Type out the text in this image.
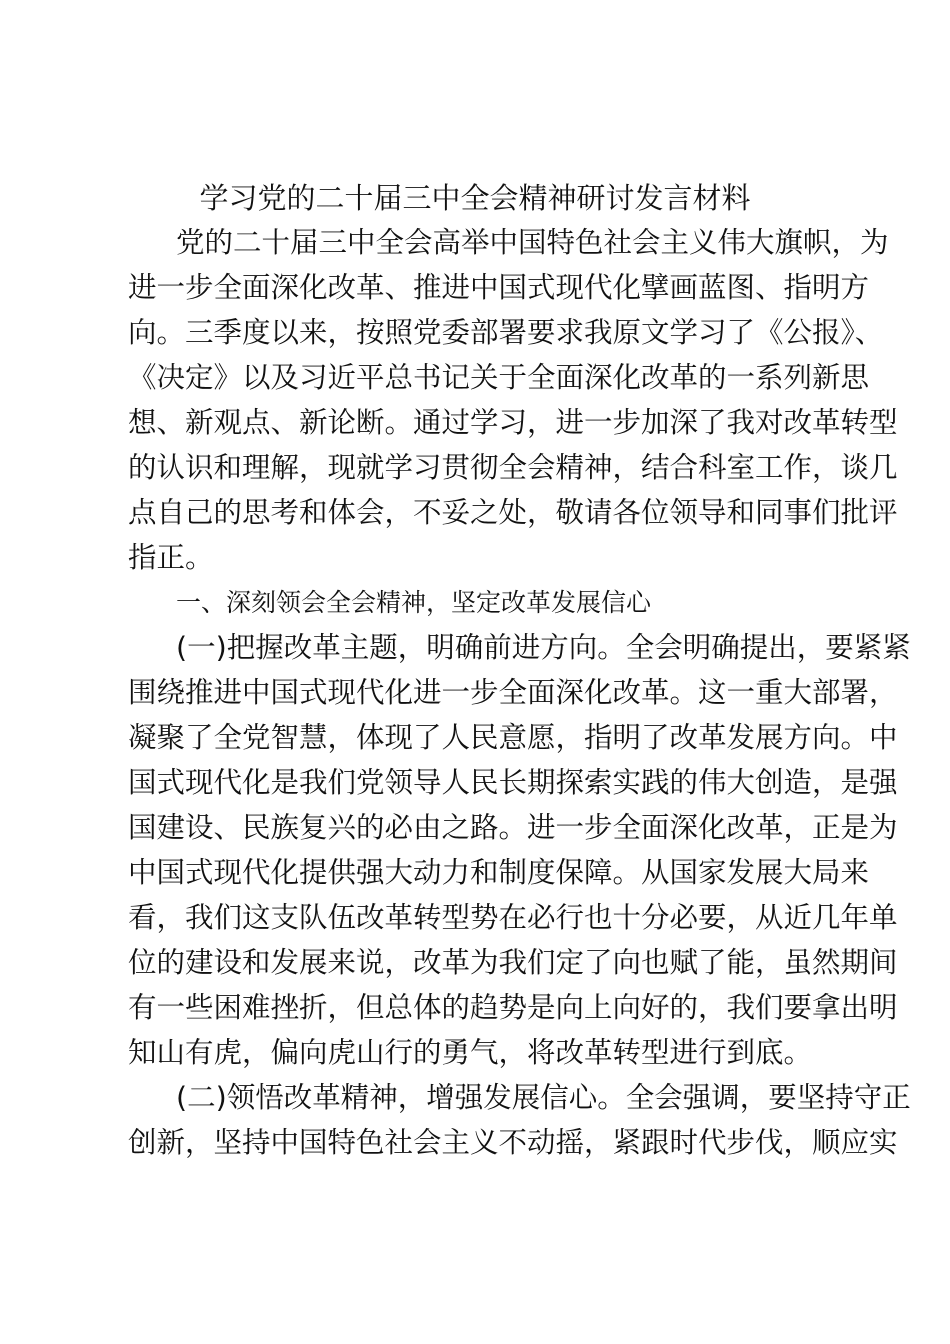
学习党的二十届三中全会精神研讨发言材料
党的二十届三中全会高举中国特色社会主义伟大旗帜，为
进一步全面深化改革、推进中国式现代化擘画蓝图、指明方
向。三季度以来，按照党委部署要求我原文学习了《公报》、
《决定》以及习近平总书记关于全面深化改革的一系列新思
想、新观点、新论断。通过学习，进一步加深了我对改革转型
的认识和理解，现就学习贯彻全会精神，结合科室工作，谈几
点自己的思考和体会，不妥之处，敬请各位领导和同事们批评
指正。
一、深刻领会全会精神，坚定改革发展信心
(一)把握改革主题，明确前进方向。全会明确提出，要紧紧
围绕推进中国式现代化进一步全面深化改革。这一重大部署，
凝聚了全党智慧，体现了人民意愿，指明了改革发展方向。中
国式现代化是我们党领导人民长期探索实践的伟大创造，是强
国建设、民族复兴的必由之路。进一步全面深化改革，正是为
中国式现代化提供强大动力和制度保障。从国家发展大局来
看，我们这支队伍改革转型势在必行也十分必要，从近几年单
位的建设和发展来说，改革为我们定了向也赋了能，虽然期间
有一些困难挫折，但总体的趋势是向上向好的，我们要拿出明
知山有虎，偏向虎山行的勇气，将改革转型进行到底。
(二)领悟改革精神，增强发展信心。全会强调，要坚持守正
创新，坚持中国特色社会主义不动摇，紧跟时代步伐，顺应实
